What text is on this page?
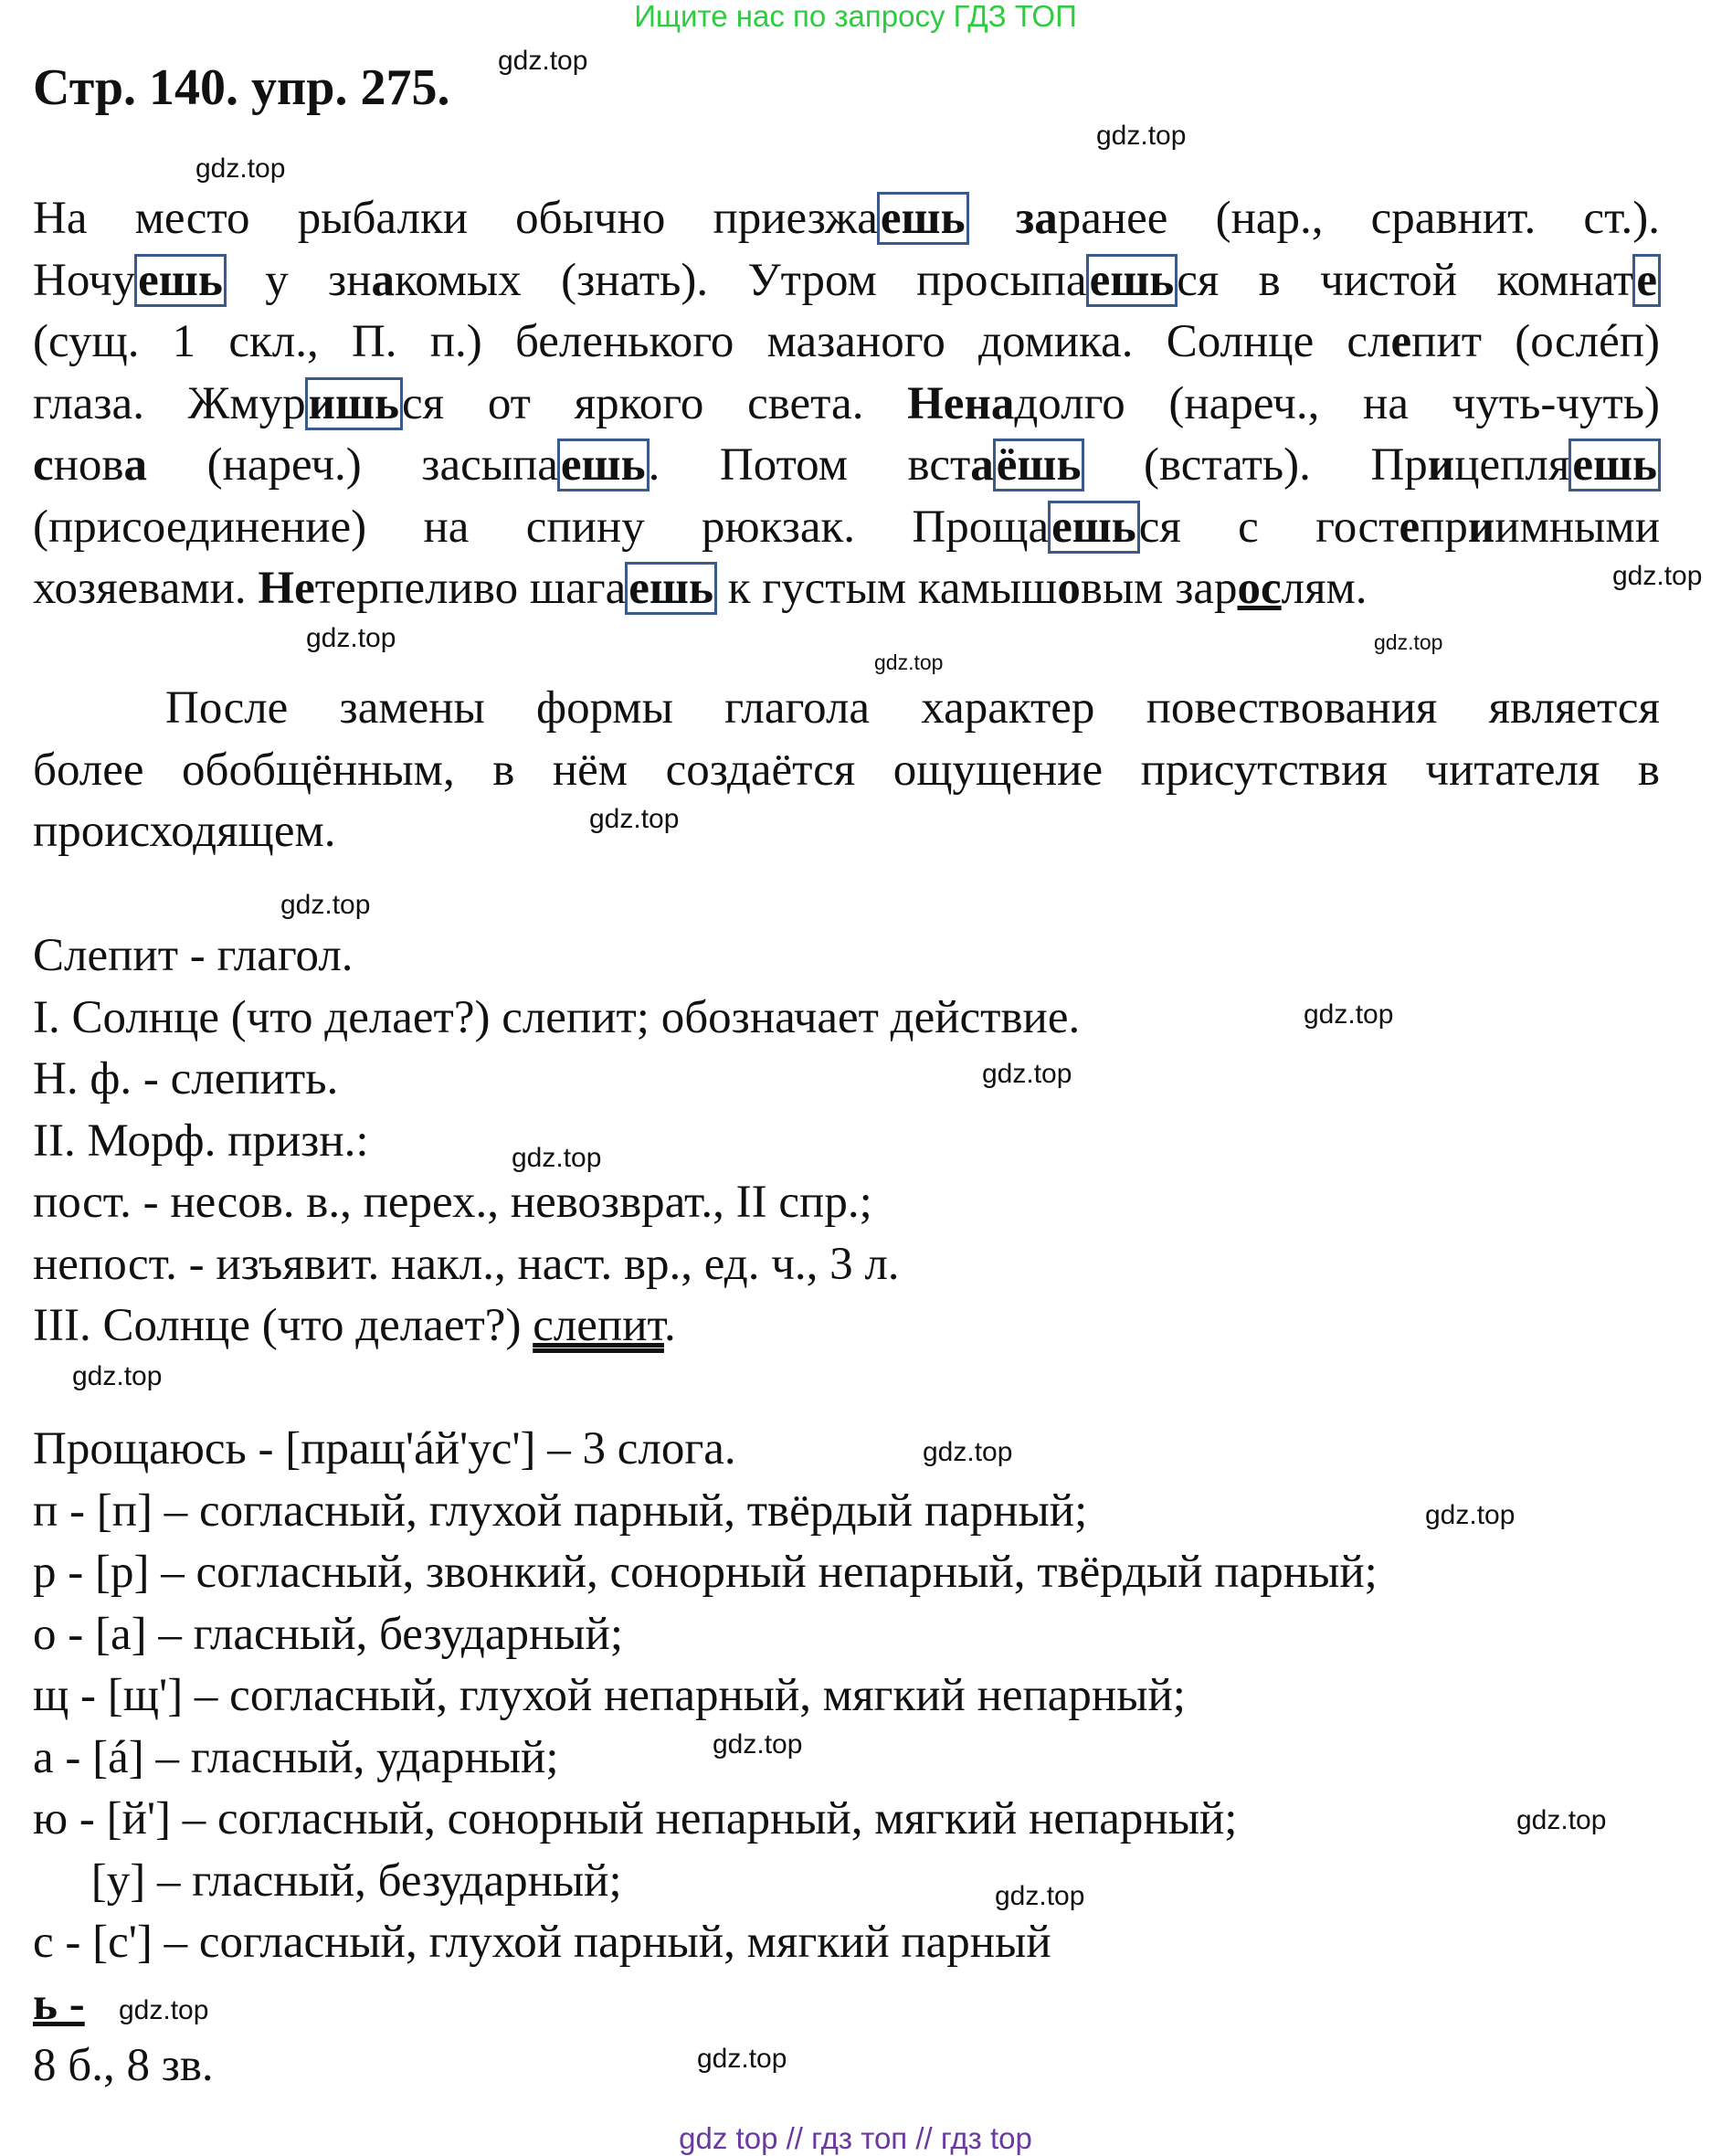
Ищите нас по запросу ГДЗ ТОП
Стр. 140. упр. 275.
На место рыбалки обычно приезжаешь заранее (нар., сравнит. ст.).
Ночуешь у знакомых (знать). Утром просыпаешься в чистой комнате
(сущ. 1 скл., П. п.) беленького мазаного домика. Солнце слепит (ослéп)
глаза. Жмуришься от яркого света. Ненадолго (нареч., на чуть-чуть)
снова (нареч.) засыпаешь. Потом встаёшь (встать). Прицепляешь
(присоединение) на спину рюкзак. Прощаешься с гостеприимными
хозяевами. Нетерпеливо шагаешь к густым камышовым зарослям.
После замены формы глагола характер повествования является
более обобщённым, в нём создаётся ощущение присутствия читателя в
происходящем.
Слепит - глагол.
I. Солнце (что делает?) слепит; обозначает действие.
Н. ф. - слепить.
II. Морф. призн.:
пост. - несов. в., перех., невозврат., II спр.;
непост. - изъявит. накл., наст. вр., ед. ч., 3 л.
III. Солнце (что делает?) слепит.
Прощаюсь - [пращ'áй'ус'] – 3 слога.
п - [п] – согласный, глухой парный, твёрдый парный;
р - [р] – согласный, звонкий, сонорный непарный, твёрдый парный;
о - [а] – гласный, безударный;
щ - [щ'] – согласный, глухой непарный, мягкий непарный;
а - [á] – гласный, ударный;
ю - [й'] – согласный, сонорный непарный, мягкий непарный;
[у] – гласный, безударный;
с - [с'] – согласный, глухой парный, мягкий парный
ь -
8 б., 8 зв.
gdz.top
gdz.top
gdz.top
gdz.top
gdz.top
gdz.top
gdz.top
gdz.top
gdz.top
gdz.top
gdz.top
gdz.top
gdz.top
gdz.top
gdz.top
gdz.top
gdz.top
gdz.top
gdz.top
gdz.top
gdz top // гдз топ // гдз top
